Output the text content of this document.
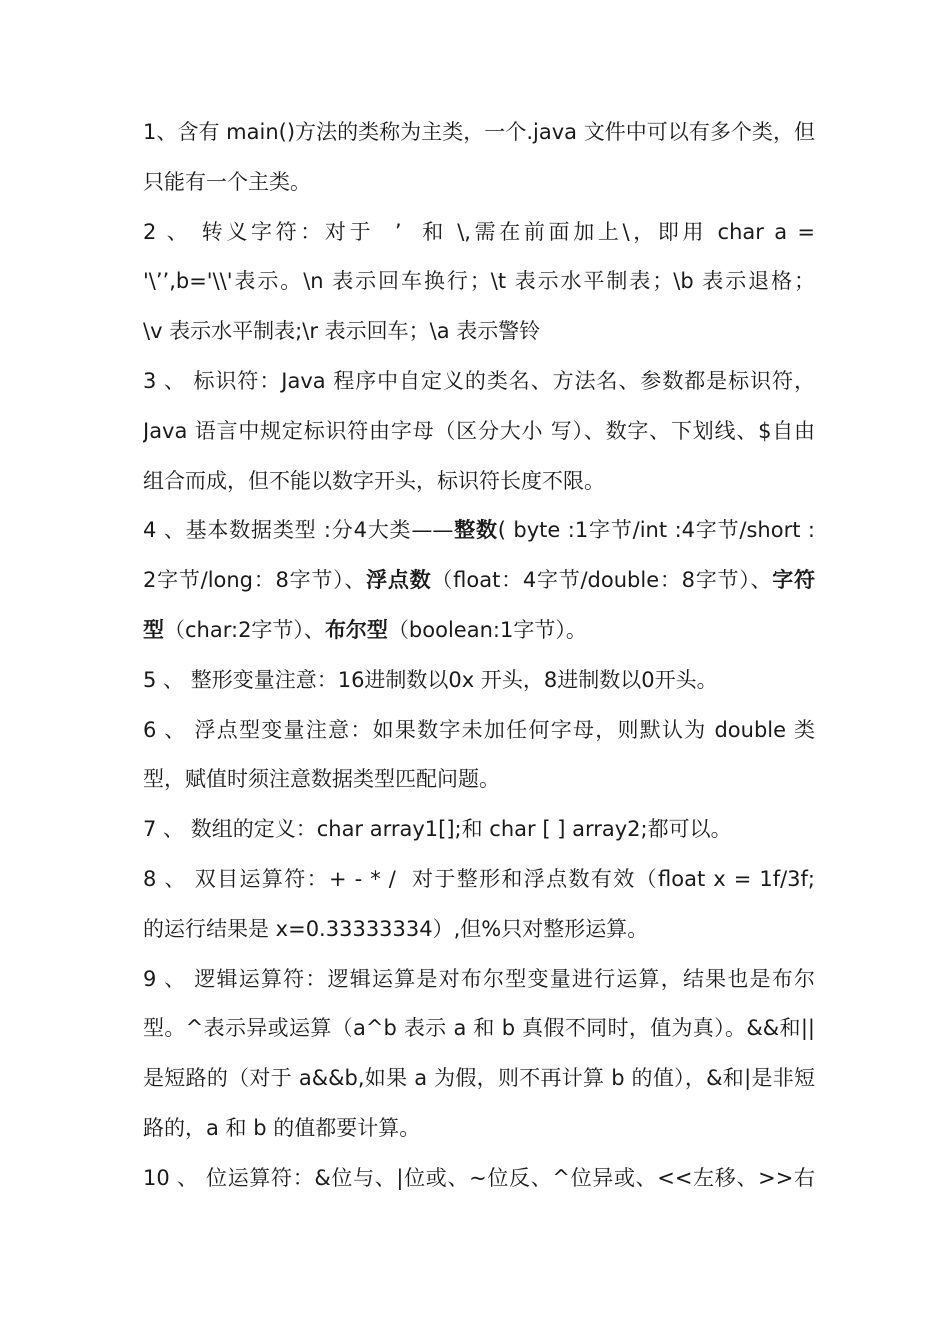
1、含有 main()方法的类称为主类，一个.java 文件中可以有多个类，但
只能有一个主类。
2 、 转义字符：对于  ’  和 \,需在前面加上\，即用 char a =
'\’’,b='\\'表示。\n 表示回车换行；\t 表示水平制表；\b 表示退格；
\v 表示水平制表;\r 表示回车；\a 表示警铃
3 、 标识符：Java 程序中自定义的类名、方法名、参数都是标识符，
Java 语言中规定标识符由字母（区分大小 写）、数字、下划线、$自由
组合而成，但不能以数字开头，标识符长度不限。
4 、基本数据类型 :分4大类——整数( byte :1字节/int :4字节/short :
2字节/long：8字节）、浮点数（float：4字节/double：8字节）、字符
型（char:2字节）、布尔型（boolean:1字节）。
5 、 整形变量注意：16进制数以0x 开头，8进制数以0开头。
6 、 浮点型变量注意：如果数字未加任何字母，则默认为 double 类
型，赋值时须注意数据类型匹配问题。
7 、 数组的定义：char array1[];和 char [ ] array2;都可以。
8 、 双目运算符：+ - * /  对于整形和浮点数有效（float x = 1f/3f;
的运行结果是 x=0.33333334）,但%只对整形运算。
9 、 逻辑运算符：逻辑运算是对布尔型变量进行运算，结果也是布尔
型。^表示异或运算（a^b 表示 a 和 b 真假不同时，值为真）。&&和||
是短路的（对于 a&&b,如果 a 为假，则不再计算 b 的值），&和|是非短
路的，a 和 b 的值都要计算。
10 、 位运算符：&位与、|位或、~位反、^位异或、<<左移、>>右
